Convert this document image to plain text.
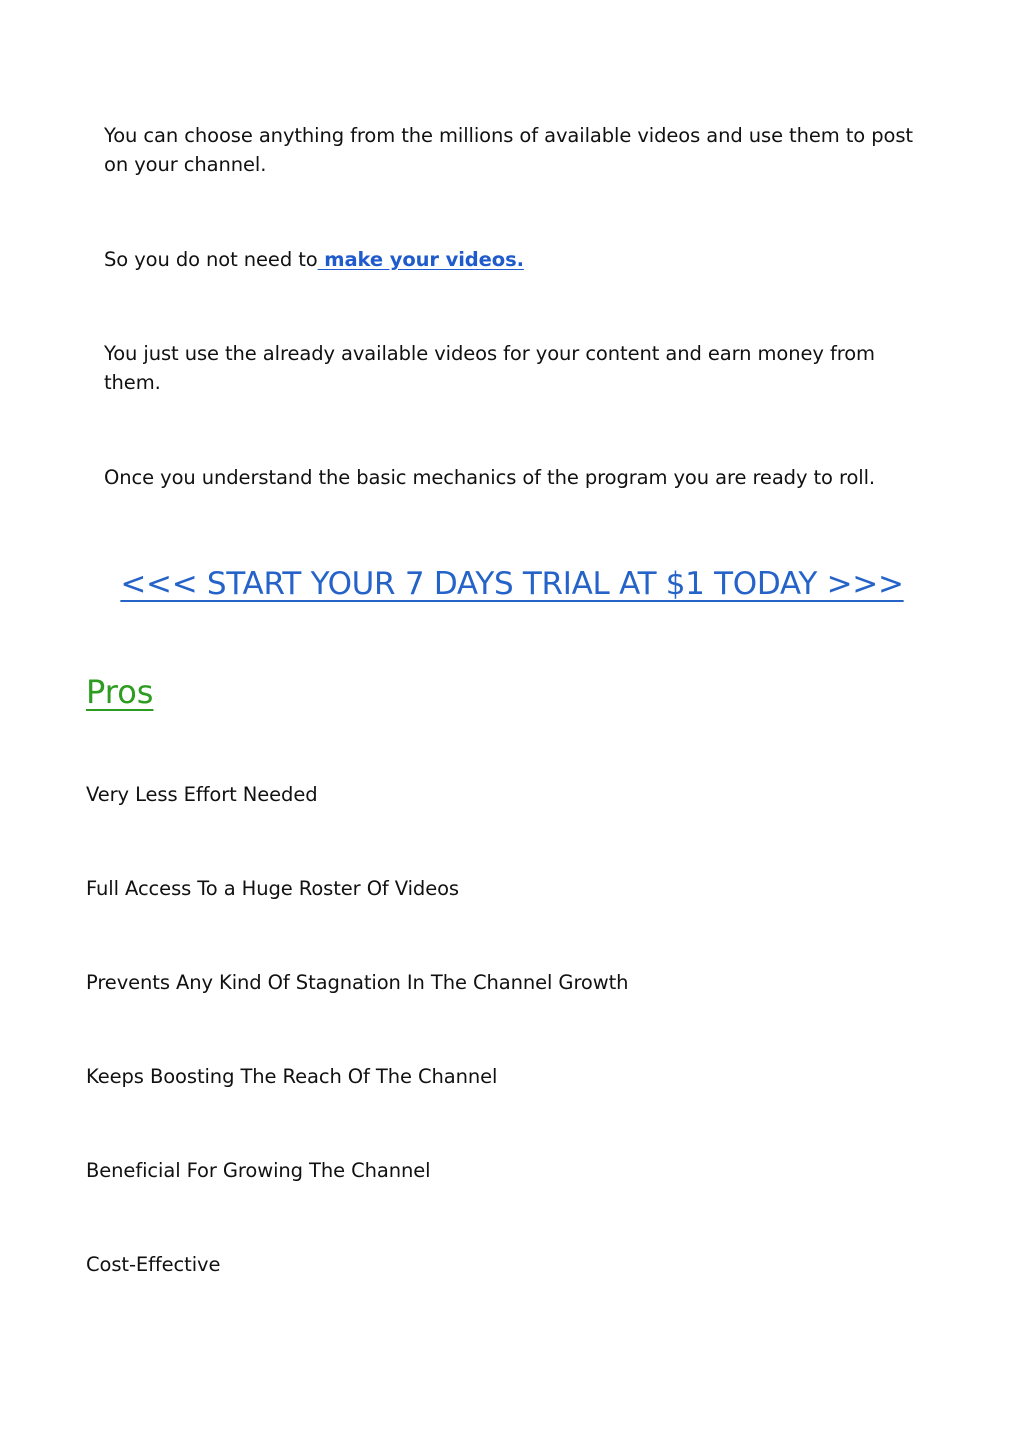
You can choose anything from the millions of available videos and use them to post on your channel.

So you do not need to make your videos.

You just use the already available videos for your content and earn money from them.

Once you understand the basic mechanics of the program you are ready to roll.

<<< START YOUR 7 DAYS TRIAL AT $1 TODAY >>>
Pros
Very Less Effort Needed
Full Access To a Huge Roster Of Videos
Prevents Any Kind Of Stagnation In The Channel Growth
Keeps Boosting The Reach Of The Channel
Beneficial For Growing The Channel
Cost-Effective
